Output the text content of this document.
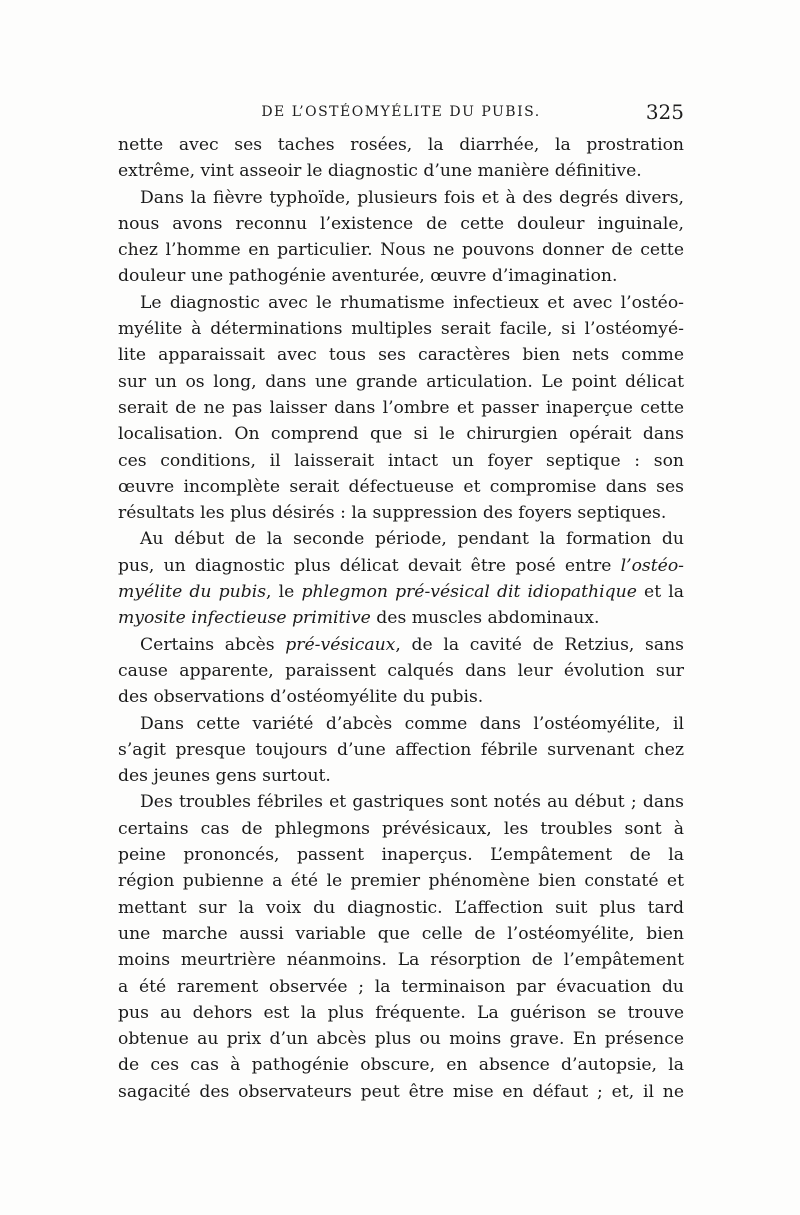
DE L’OSTÉOMYÉLITE DU PUBIS.	325
nette avec ses taches rosées, la diarrhée, la prostration
extrême, vint asseoir le diagnostic d’une manière définitive.
Dans la fièvre typhoïde, plusieurs fois et à des degrés divers,
nous avons reconnu l’existence de cette douleur inguinale,
chez l’homme en particulier. Nous ne pouvons donner de cette
douleur une pathogénie aventurée, œuvre d’imagination.
Le diagnostic avec le rhumatisme infectieux et avec l’ostéo-
myélite à déterminations multiples serait facile, si l’ostéomyé-
lite apparaissait avec tous ses caractères bien nets comme
sur un os long, dans une grande articulation. Le point délicat
serait de ne pas laisser dans l’ombre et passer inaperçue cette
localisation. On comprend que si le chirurgien opérait dans
ces conditions, il laisserait intact un foyer septique : son
œuvre incomplète serait défectueuse et compromise dans ses
résultats les plus désirés : la suppression des foyers septiques.
Au début de la seconde période, pendant la formation du
pus, un diagnostic plus délicat devait être posé entre l’ostéo-
myélite du pubis, le phlegmon pré-vésical dit idiopathique et la
myosite infectieuse primitive des muscles abdominaux.
Certains abcès pré-vésicaux, de la cavité de Retzius, sans
cause apparente, paraissent calqués dans leur évolution sur
des observations d’ostéomyélite du pubis.
Dans cette variété d’abcès comme dans l’ostéomyélite, il
s’agit presque toujours d’une affection fébrile survenant chez
des jeunes gens surtout.
Des troubles fébriles et gastriques sont notés au début ; dans
certains cas de phlegmons prévésicaux, les troubles sont à
peine prononcés, passent inaperçus. L’empâtement de la
région pubienne a été le premier phénomène bien constaté et
mettant sur la voix du diagnostic. L’affection suit plus tard
une marche aussi variable que celle de l’ostéomyélite, bien
moins meurtrière néanmoins. La résorption de l’empâtement
a été rarement observée ; la terminaison par évacuation du
pus au dehors est la plus fréquente. La guérison se trouve
obtenue au prix d’un abcès plus ou moins grave. En présence
de ces cas à pathogénie obscure, en absence d’autopsie, la
sagacité des observateurs peut être mise en défaut ; et, il ne
